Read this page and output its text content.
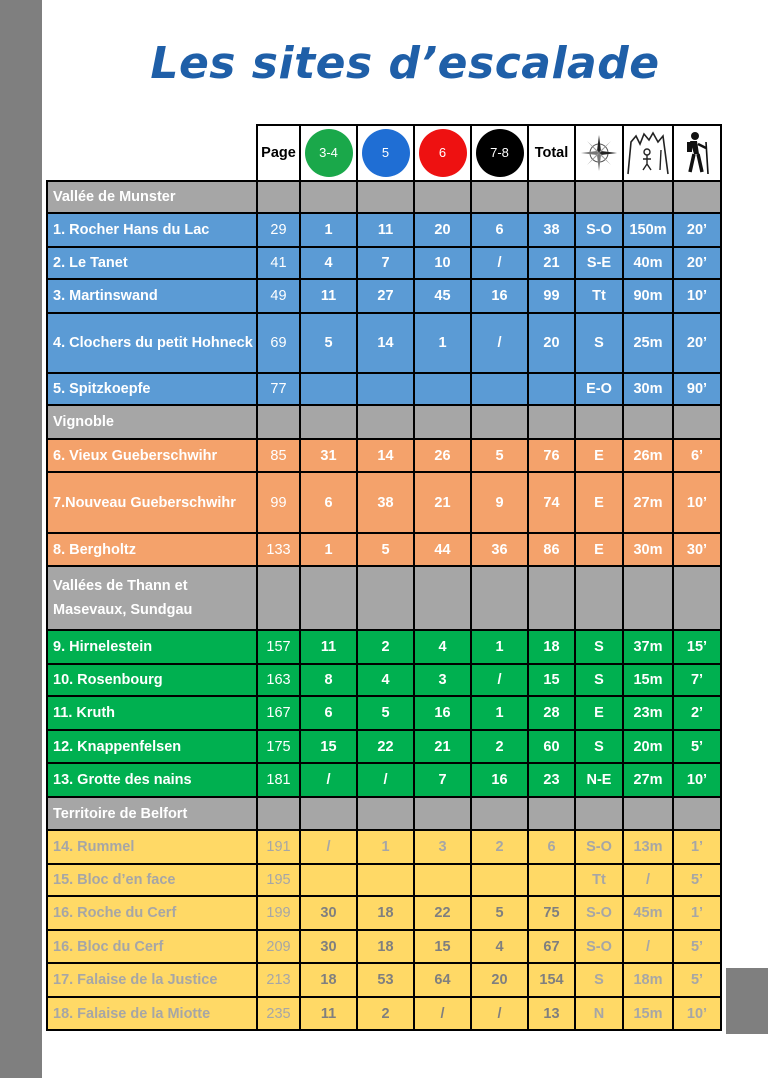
Les sites d’escalade
	Page	3-4	5	6	7-8	Total	

Vallée de Munster									
1. Rocher Hans du Lac	29	1	11	20	6	38	S-O	150m	20’
2. Le Tanet	41	4	7	10	/	21	S-E	40m	20’
3. Martinswand	49	11	27	45	16	99	Tt	90m	10’
4. Clochers du petit Hohneck	69	5	14	1	/	20	S	25m	20’
5. Spitzkoepfe	77						E-O	30m	90’
Vignoble									
6. Vieux Gueberschwihr	85	31	14	26	5	76	E	26m	6’
7.Nouveau Gueberschwihr	99	6	38	21	9	74	E	27m	10’
8. Bergholtz	133	1	5	44	36	86	E	30m	30’
Vallées de Thann et Masevaux, Sundgau									
9. Hirnelestein	157	11	2	4	1	18	S	37m	15’
10. Rosenbourg	163	8	4	3	/	15	S	15m	7’
11. Kruth	167	6	5	16	1	28	E	23m	2’
12. Knappenfelsen	175	15	22	21	2	60	S	20m	5’
13. Grotte des nains	181	/	/	7	16	23	N-E	27m	10’
Territoire de Belfort									
14. Rummel	191	/	1	3	2	6	S-O	13m	1’
15. Bloc d’en face	195						Tt	/	5’
16. Roche du Cerf	199	30	18	22	5	75	S-O	45m	1’
16. Bloc du Cerf	209	30	18	15	4	67	S-O	/	5’
17. Falaise de la Justice	213	18	53	64	20	154	S	18m	5’
18. Falaise de la Miotte	235	11	2	/	/	13	N	15m	10’
